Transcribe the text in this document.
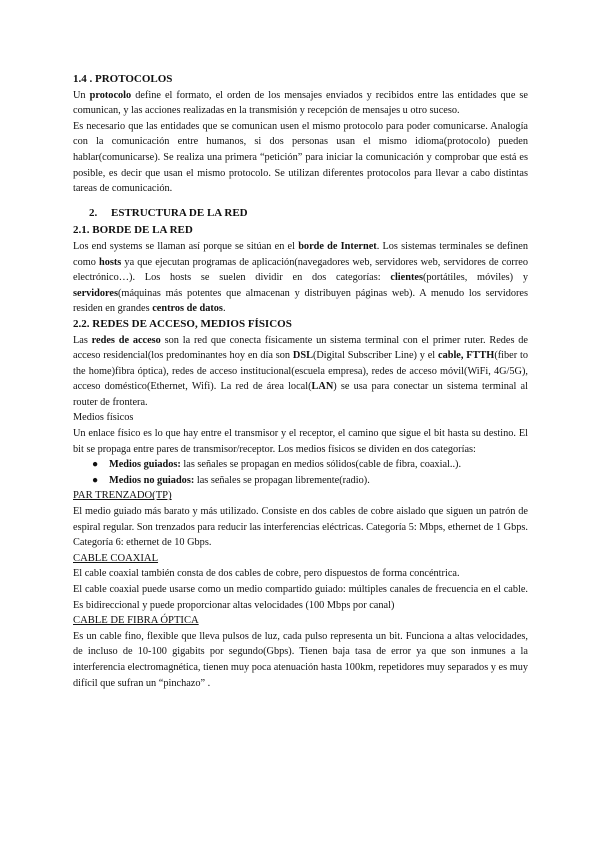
1.4 . PROTOCOLOS

Un protocolo define el formato, el orden de los mensajes enviados y recibidos entre las entidades que se comunican, y las acciones realizadas en la transmisión y recepción de mensajes u otro suceso.

Es necesario que las entidades que se comunican usen el mismo protocolo para poder comunicarse. Analogía con la comunicación entre humanos, si dos personas usan el mismo idioma(protocolo) pueden hablar(comunicarse). Se realiza una primera “petición” para iniciar la comunicación y comprobar que está es posible, es decir que usan el mismo protocolo. Se utilizan diferentes protocolos para llevar a cabo distintas tareas de comunicación.

2. ESTRUCTURA DE LA RED
2.1. BORDE DE LA RED

Los end systems se llaman así porque se sitúan en el borde de Internet. Los sistemas terminales se definen como hosts ya que ejecutan programas de aplicación(navegadores web, servidores web, servidores de correo electrónico…). Los hosts se suelen dividir en dos categorías: clientes(portátiles, móviles) y servidores(máquinas más potentes que almacenan y distribuyen páginas web). A menudo los servidores residen en grandes centros de datos.

2.2. REDES DE ACCESO, MEDIOS FÍSICOS

Las redes de acceso son la red que conecta físicamente un sistema terminal con el primer ruter. Redes de acceso residencial(los predominantes hoy en día son DSL(Digital Subscriber Line) y el cable, FTTH(fiber to the home)fibra óptica), redes de acceso institucional(escuela empresa), redes de acceso móvil(WiFi, 4G/5G), acceso doméstico(Ethernet, Wifi). La red de área local(LAN) se usa para conectar un sistema terminal al router de frontera.

Medios físicos

Un enlace físico es lo que hay entre el transmisor y el receptor, el camino que sigue el bit hasta su destino. El bit se propaga entre pares de transmisor/receptor. Los medios físicos se dividen en dos categorías:

● Medios guiados: las señales se propagan en medios sólidos(cable de fibra, coaxial..).
● Medios no guiados: las señales se propagan libremente(radio).

PAR TRENZADO(TP)

El medio guiado más barato y más utilizado. Consiste en dos cables de cobre aislado que siguen un patrón de espiral regular. Son trenzados para reducir las interferencias eléctricas. Categoría 5: Mbps, ethernet de 1 Gbps. Categoría 6: ethernet de 10 Gbps.

CABLE COAXIAL

El cable coaxial también consta de dos cables de cobre, pero dispuestos de forma concéntrica.

El cable coaxial puede usarse como un medio compartido guiado: múltiples canales de frecuencia en el cable. Es bidireccional y puede proporcionar altas velocidades (100 Mbps por canal)

CABLE DE FIBRA ÓPTICA

Es un cable fino, flexible que lleva pulsos de luz, cada pulso representa un bit. Funciona a altas velocidades, de incluso de 10-100 gigabits por segundo(Gbps). Tienen baja tasa de error ya que son inmunes a la interferencia electromagnética, tienen muy poca atenuación hasta 100km, repetidores muy separados y es muy difícil que sufran un “pinchazo” .
